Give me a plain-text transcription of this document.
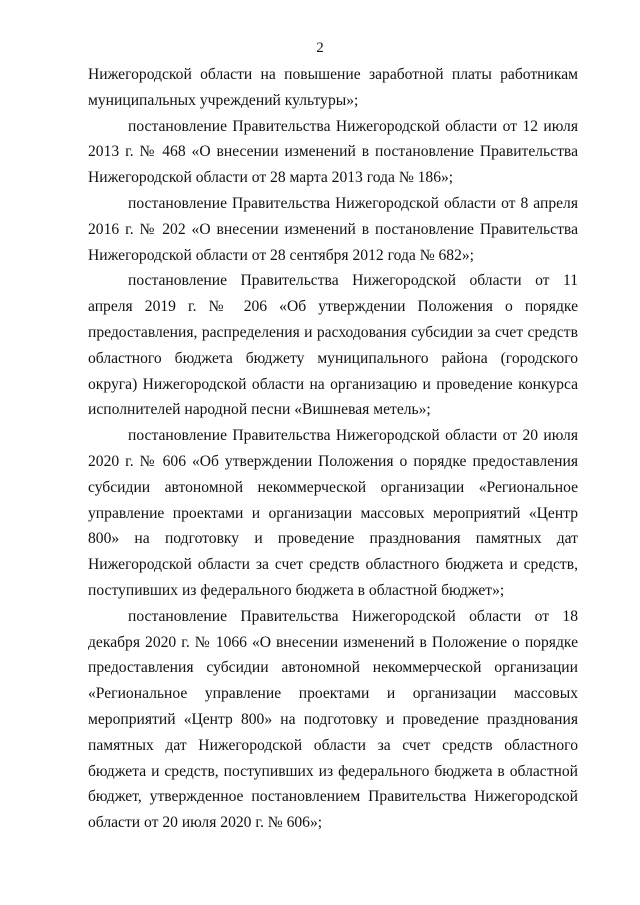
2

Нижегородской области на повышение заработной платы работникам муниципальных учреждений культуры»;

постановление Правительства Нижегородской области от 12 июля 2013 г. № 468 «О внесении изменений в постановление Правительства Нижегородской области от 28 марта 2013 года № 186»;

постановление Правительства Нижегородской области от 8 апреля 2016 г. № 202 «О внесении изменений в постановление Правительства Нижегородской области от 28 сентября 2012 года № 682»;

постановление Правительства Нижегородской области от 11 апреля 2019 г. № 206 «Об утверждении Положения о порядке предоставления, распределения и расходования субсидии за счет средств областного бюджета бюджету муниципального района (городского округа) Нижегородской области на организацию и проведение конкурса исполнителей народной песни «Вишневая метель»;

постановление Правительства Нижегородской области от 20 июля 2020 г. № 606 «Об утверждении Положения о порядке предоставления субсидии автономной некоммерческой организации «Региональное управление проектами и организации массовых мероприятий «Центр 800» на подготовку и проведение празднования памятных дат Нижегородской области за счет средств областного бюджета и средств, поступивших из федерального бюджета в областной бюджет»;

постановление Правительства Нижегородской области от 18 декабря 2020 г. № 1066 «О внесении изменений в Положение о порядке предоставления субсидии автономной некоммерческой организации «Региональное управление проектами и организации массовых мероприятий «Центр 800» на подготовку и проведение празднования памятных дат Нижегородской области за счет средств областного бюджета и средств, поступивших из федерального бюджета в областной бюджет, утвержденное постановлением Правительства Нижегородской области от 20 июля 2020 г. № 606»;
